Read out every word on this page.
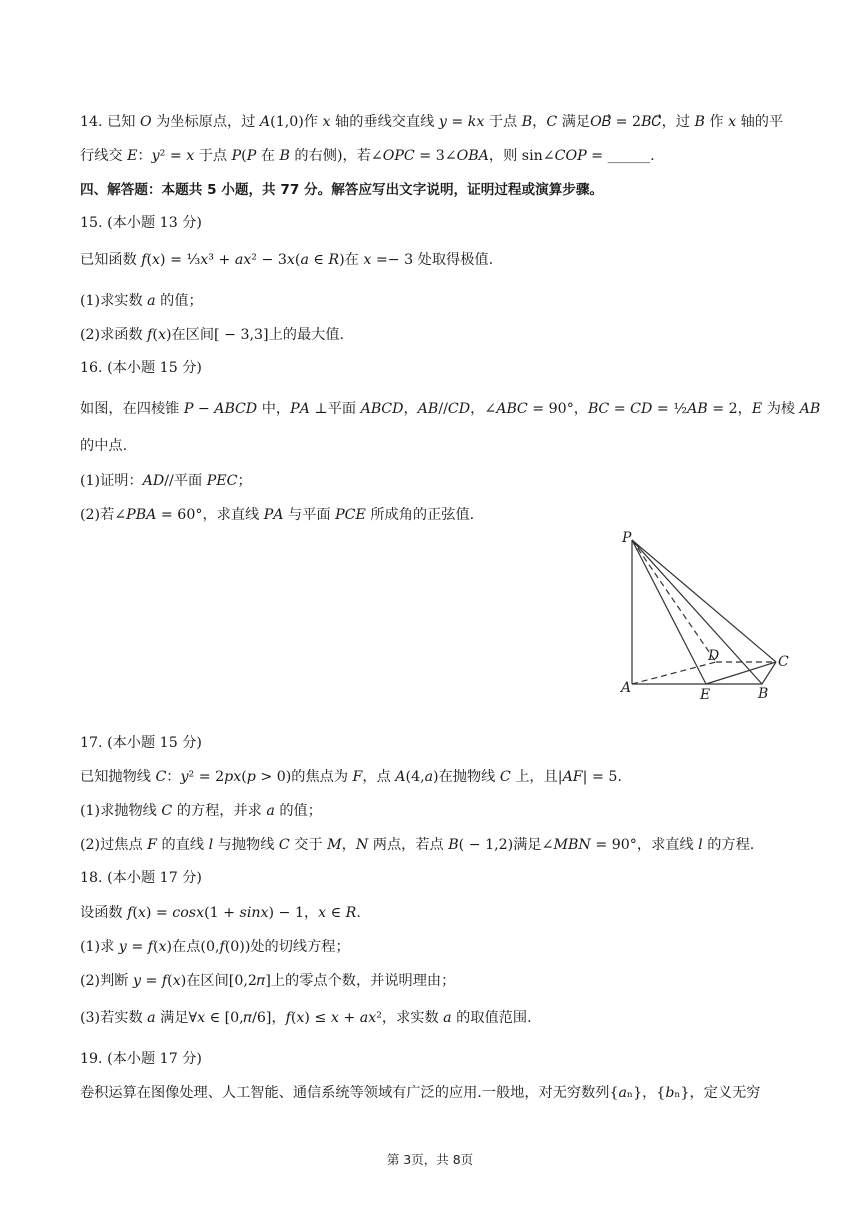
14. 已知 𝑂 为坐标原点，过 𝐴(1,0)作 𝑥 轴的垂线交直线 𝑦 = 𝑘𝑥 于点 𝐵，𝐶 满足𝑂𝐵⃗ = 2𝐵𝐶⃗，过 𝐵 作 𝑥 轴的平
行线交 𝐸：𝑦² = 𝑥 于点 𝑃(𝑃 在 𝐵 的右侧)，若∠𝑂𝑃𝐶 = 3∠𝑂𝐵𝐴，则 sin∠𝐶𝑂𝑃 = ______.
四、解答题：本题共 5 小题，共 77 分。解答应写出文字说明，证明过程或演算步骤。
15. (本小题 13 分)
已知函数 𝑓(𝑥) = ⅓𝑥³ + 𝑎𝑥² − 3𝑥(𝑎 ∈ 𝑅)在 𝑥 =− 3 处取得极值.
(1)求实数 𝑎 的值；
(2)求函数 𝑓(𝑥)在区间[ − 3,3]上的最大值.
16. (本小题 15 分)
如图，在四棱锥 𝑃 − 𝐴𝐵𝐶𝐷 中，𝑃𝐴 ⊥平面 𝐴𝐵𝐶𝐷，𝐴𝐵//𝐶𝐷，∠𝐴𝐵𝐶 = 90°，𝐵𝐶 = 𝐶𝐷 = ½𝐴𝐵 = 2，𝐸 为棱 𝐴𝐵
的中点.
(1)证明：𝐴𝐷//平面 𝑃𝐸𝐶；
(2)若∠𝑃𝐵𝐴 = 60°，求直线 𝑃𝐴 与平面 𝑃𝐶𝐸 所成角的正弦值.
17. (本小题 15 分)
已知抛物线 𝐶：𝑦² = 2𝑝𝑥(𝑝 > 0)的焦点为 𝐹，点 𝐴(4,𝑎)在抛物线 𝐶 上，且|𝐴𝐹| = 5.
(1)求抛物线 𝐶 的方程，并求 𝑎 的值；
(2)过焦点 𝐹 的直线 𝑙 与抛物线 𝐶 交于 𝑀，𝑁 两点，若点 𝐵( − 1,2)满足∠𝑀𝐵𝑁 = 90°，求直线 𝑙 的方程.
18. (本小题 17 分)
设函数 𝑓(𝑥) = 𝑐𝑜𝑠𝑥(1 + 𝑠𝑖𝑛𝑥) − 1，𝑥 ∈ 𝑅.
(1)求 𝑦 = 𝑓(𝑥)在点(0,𝑓(0))处的切线方程；
(2)判断 𝑦 = 𝑓(𝑥)在区间[0,2𝜋]上的零点个数，并说明理由；
(3)若实数 𝑎 满足∀𝑥 ∈ [0,𝜋/6]，𝑓(𝑥) ≤ 𝑥 + 𝑎𝑥²，求实数 𝑎 的取值范围.
19. (本小题 17 分)
卷积运算在图像处理、人工智能、通信系统等领域有广泛的应用.一般地，对无穷数列{𝑎ₙ}，{𝑏ₙ}，定义无穷
P
A	E	B
C
D
第 3页，共 8页
